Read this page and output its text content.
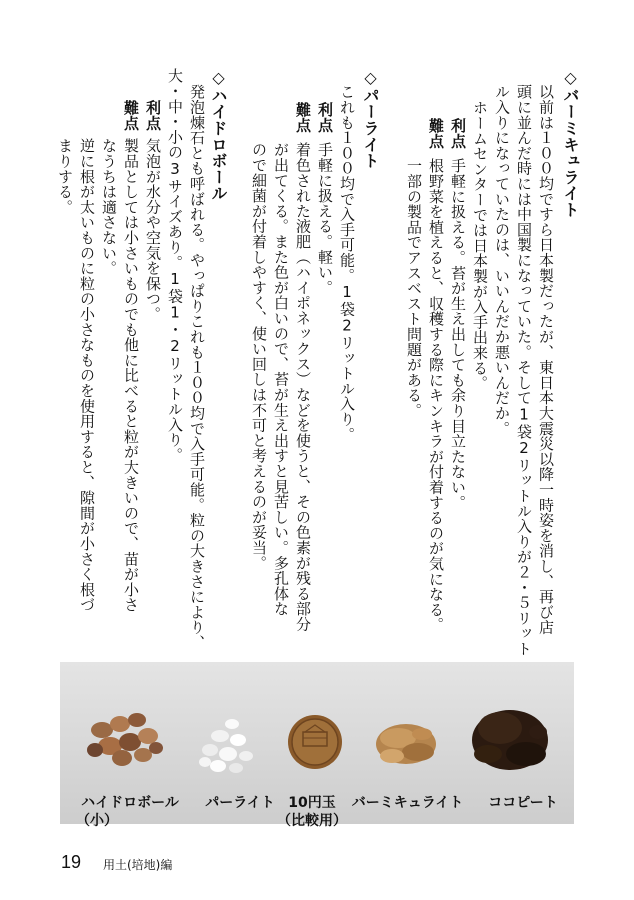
◇バーミキュライト
以前は１００均ですら日本製だったが、東日本大震災以降一時姿を消し、再び店
頭に並んだ時には中国製になっていた。そして1袋2リットル入りが２・５リット
ル入りになっていたのは、いいんだか悪いんだか。
ホームセンターでは日本製が入手出来る。
利点
手軽に扱える。苔が生え出しても余り目立たない。
難点
根野菜を植えると、収穫する際にキンキラが付着するのが気になる。
一部の製品でアスベスト問題がある。
◇パーライト
これも１００均で入手可能。1袋2リットル入り。
利点
手軽に扱える。軽い。
難点
着色された液肥（ハイポネックス）などを使うと、その色素が残る部分
が出てくる。また色が白いので、苔が生え出すと見苦しい。多孔体な
ので細菌が付着しやすく、使い回しは不可と考えるのが妥当。
◇ハイドロボール
発泡煉石とも呼ばれる。やっぱりこれも１００均で入手可能。粒の大きさにより、
大・中・小の3サイズあり。1袋1・2リットル入り。
利点
気泡が水分や空気を保つ。
難点
製品としては小さいものでも他に比べると粒が大きいので、苗が小さ
なうちは適さない。
逆に根が太いものに粒の小さなものを使用すると、隙間が小さく根づ
まりする。
ハイドロボール
（小）
パーライト 10円玉
（比較用）
バーミキュライト	ココピート
19 用土(培地)編
